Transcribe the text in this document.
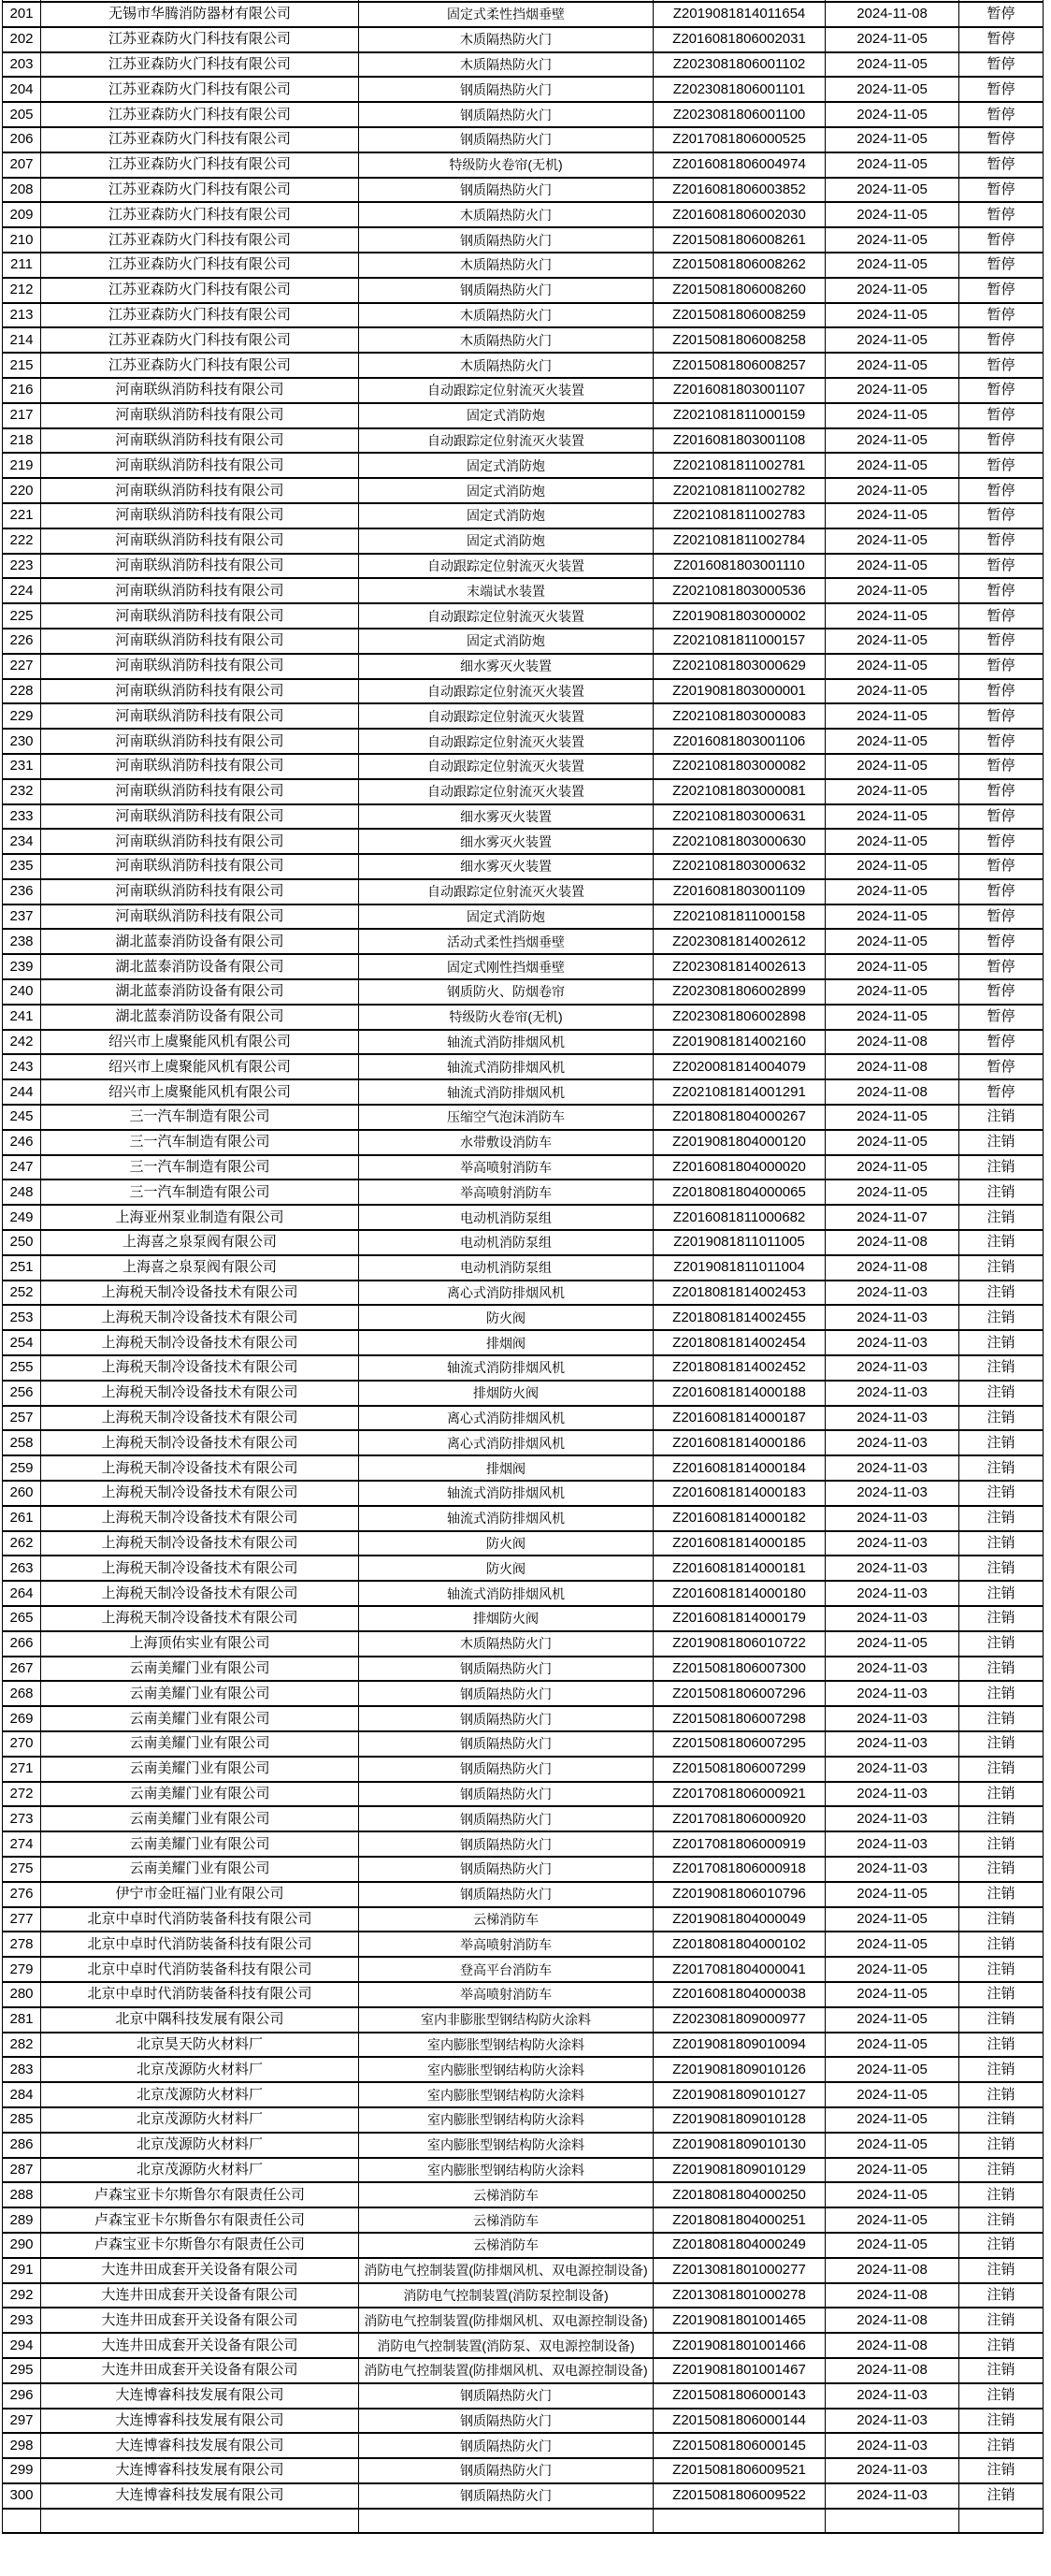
201	无锡市华腾消防器材有限公司	固定式柔性挡烟垂壁	Z2019081814011654	2024-11-08	暂停
202	江苏亚森防火门科技有限公司	木质隔热防火门	Z2016081806002031	2024-11-05	暂停
203	江苏亚森防火门科技有限公司	木质隔热防火门	Z2023081806001102	2024-11-05	暂停
204	江苏亚森防火门科技有限公司	钢质隔热防火门	Z2023081806001101	2024-11-05	暂停
205	江苏亚森防火门科技有限公司	钢质隔热防火门	Z2023081806001100	2024-11-05	暂停
206	江苏亚森防火门科技有限公司	钢质隔热防火门	Z2017081806000525	2024-11-05	暂停
207	江苏亚森防火门科技有限公司	特级防火卷帘(无机)	Z2016081806004974	2024-11-05	暂停
208	江苏亚森防火门科技有限公司	钢质隔热防火门	Z2016081806003852	2024-11-05	暂停
209	江苏亚森防火门科技有限公司	木质隔热防火门	Z2016081806002030	2024-11-05	暂停
210	江苏亚森防火门科技有限公司	钢质隔热防火门	Z2015081806008261	2024-11-05	暂停
211	江苏亚森防火门科技有限公司	木质隔热防火门	Z2015081806008262	2024-11-05	暂停
212	江苏亚森防火门科技有限公司	钢质隔热防火门	Z2015081806008260	2024-11-05	暂停
213	江苏亚森防火门科技有限公司	木质隔热防火门	Z2015081806008259	2024-11-05	暂停
214	江苏亚森防火门科技有限公司	木质隔热防火门	Z2015081806008258	2024-11-05	暂停
215	江苏亚森防火门科技有限公司	木质隔热防火门	Z2015081806008257	2024-11-05	暂停
216	河南联纵消防科技有限公司	自动跟踪定位射流灭火装置	Z2016081803001107	2024-11-05	暂停
217	河南联纵消防科技有限公司	固定式消防炮	Z2021081811000159	2024-11-05	暂停
218	河南联纵消防科技有限公司	自动跟踪定位射流灭火装置	Z2016081803001108	2024-11-05	暂停
219	河南联纵消防科技有限公司	固定式消防炮	Z2021081811002781	2024-11-05	暂停
220	河南联纵消防科技有限公司	固定式消防炮	Z2021081811002782	2024-11-05	暂停
221	河南联纵消防科技有限公司	固定式消防炮	Z2021081811002783	2024-11-05	暂停
222	河南联纵消防科技有限公司	固定式消防炮	Z2021081811002784	2024-11-05	暂停
223	河南联纵消防科技有限公司	自动跟踪定位射流灭火装置	Z2016081803001110	2024-11-05	暂停
224	河南联纵消防科技有限公司	末端试水装置	Z2021081803000536	2024-11-05	暂停
225	河南联纵消防科技有限公司	自动跟踪定位射流灭火装置	Z2019081803000002	2024-11-05	暂停
226	河南联纵消防科技有限公司	固定式消防炮	Z2021081811000157	2024-11-05	暂停
227	河南联纵消防科技有限公司	细水雾灭火装置	Z2021081803000629	2024-11-05	暂停
228	河南联纵消防科技有限公司	自动跟踪定位射流灭火装置	Z2019081803000001	2024-11-05	暂停
229	河南联纵消防科技有限公司	自动跟踪定位射流灭火装置	Z2021081803000083	2024-11-05	暂停
230	河南联纵消防科技有限公司	自动跟踪定位射流灭火装置	Z2016081803001106	2024-11-05	暂停
231	河南联纵消防科技有限公司	自动跟踪定位射流灭火装置	Z2021081803000082	2024-11-05	暂停
232	河南联纵消防科技有限公司	自动跟踪定位射流灭火装置	Z2021081803000081	2024-11-05	暂停
233	河南联纵消防科技有限公司	细水雾灭火装置	Z2021081803000631	2024-11-05	暂停
234	河南联纵消防科技有限公司	细水雾灭火装置	Z2021081803000630	2024-11-05	暂停
235	河南联纵消防科技有限公司	细水雾灭火装置	Z2021081803000632	2024-11-05	暂停
236	河南联纵消防科技有限公司	自动跟踪定位射流灭火装置	Z2016081803001109	2024-11-05	暂停
237	河南联纵消防科技有限公司	固定式消防炮	Z2021081811000158	2024-11-05	暂停
238	湖北蓝泰消防设备有限公司	活动式柔性挡烟垂壁	Z2023081814002612	2024-11-05	暂停
239	湖北蓝泰消防设备有限公司	固定式刚性挡烟垂壁	Z2023081814002613	2024-11-05	暂停
240	湖北蓝泰消防设备有限公司	钢质防火、防烟卷帘	Z2023081806002899	2024-11-05	暂停
241	湖北蓝泰消防设备有限公司	特级防火卷帘(无机)	Z2023081806002898	2024-11-05	暂停
242	绍兴市上虞聚能风机有限公司	轴流式消防排烟风机	Z2019081814002160	2024-11-08	暂停
243	绍兴市上虞聚能风机有限公司	轴流式消防排烟风机	Z2020081814004079	2024-11-08	暂停
244	绍兴市上虞聚能风机有限公司	轴流式消防排烟风机	Z2021081814001291	2024-11-08	暂停
245	三一汽车制造有限公司	压缩空气泡沫消防车	Z2018081804000267	2024-11-05	注销
246	三一汽车制造有限公司	水带敷设消防车	Z2019081804000120	2024-11-05	注销
247	三一汽车制造有限公司	举高喷射消防车	Z2016081804000020	2024-11-05	注销
248	三一汽车制造有限公司	举高喷射消防车	Z2018081804000065	2024-11-05	注销
249	上海亚州泵业制造有限公司	电动机消防泵组	Z2016081811000682	2024-11-07	注销
250	上海喜之泉泵阀有限公司	电动机消防泵组	Z2019081811011005	2024-11-08	注销
251	上海喜之泉泵阀有限公司	电动机消防泵组	Z2019081811011004	2024-11-08	注销
252	上海税天制冷设备技术有限公司	离心式消防排烟风机	Z2018081814002453	2024-11-03	注销
253	上海税天制冷设备技术有限公司	防火阀	Z2018081814002455	2024-11-03	注销
254	上海税天制冷设备技术有限公司	排烟阀	Z2018081814002454	2024-11-03	注销
255	上海税天制冷设备技术有限公司	轴流式消防排烟风机	Z2018081814002452	2024-11-03	注销
256	上海税天制冷设备技术有限公司	排烟防火阀	Z2016081814000188	2024-11-03	注销
257	上海税天制冷设备技术有限公司	离心式消防排烟风机	Z2016081814000187	2024-11-03	注销
258	上海税天制冷设备技术有限公司	离心式消防排烟风机	Z2016081814000186	2024-11-03	注销
259	上海税天制冷设备技术有限公司	排烟阀	Z2016081814000184	2024-11-03	注销
260	上海税天制冷设备技术有限公司	轴流式消防排烟风机	Z2016081814000183	2024-11-03	注销
261	上海税天制冷设备技术有限公司	轴流式消防排烟风机	Z2016081814000182	2024-11-03	注销
262	上海税天制冷设备技术有限公司	防火阀	Z2016081814000185	2024-11-03	注销
263	上海税天制冷设备技术有限公司	防火阀	Z2016081814000181	2024-11-03	注销
264	上海税天制冷设备技术有限公司	轴流式消防排烟风机	Z2016081814000180	2024-11-03	注销
265	上海税天制冷设备技术有限公司	排烟防火阀	Z2016081814000179	2024-11-03	注销
266	上海顶佑实业有限公司	木质隔热防火门	Z2019081806010722	2024-11-05	注销
267	云南美耀门业有限公司	钢质隔热防火门	Z2015081806007300	2024-11-03	注销
268	云南美耀门业有限公司	钢质隔热防火门	Z2015081806007296	2024-11-03	注销
269	云南美耀门业有限公司	钢质隔热防火门	Z2015081806007298	2024-11-03	注销
270	云南美耀门业有限公司	钢质隔热防火门	Z2015081806007295	2024-11-03	注销
271	云南美耀门业有限公司	钢质隔热防火门	Z2015081806007299	2024-11-03	注销
272	云南美耀门业有限公司	钢质隔热防火门	Z2017081806000921	2024-11-03	注销
273	云南美耀门业有限公司	钢质隔热防火门	Z2017081806000920	2024-11-03	注销
274	云南美耀门业有限公司	钢质隔热防火门	Z2017081806000919	2024-11-03	注销
275	云南美耀门业有限公司	钢质隔热防火门	Z2017081806000918	2024-11-03	注销
276	伊宁市金旺福门业有限公司	钢质隔热防火门	Z2019081806010796	2024-11-05	注销
277	北京中卓时代消防装备科技有限公司	云梯消防车	Z2019081804000049	2024-11-05	注销
278	北京中卓时代消防装备科技有限公司	举高喷射消防车	Z2018081804000102	2024-11-05	注销
279	北京中卓时代消防装备科技有限公司	登高平台消防车	Z2017081804000041	2024-11-05	注销
280	北京中卓时代消防装备科技有限公司	举高喷射消防车	Z2016081804000038	2024-11-05	注销
281	北京中隅科技发展有限公司	室内非膨胀型钢结构防火涂料	Z2023081809000977	2024-11-05	注销
282	北京昊天防火材料厂	室内膨胀型钢结构防火涂料	Z2019081809010094	2024-11-05	注销
283	北京茂源防火材料厂	室内膨胀型钢结构防火涂料	Z2019081809010126	2024-11-05	注销
284	北京茂源防火材料厂	室内膨胀型钢结构防火涂料	Z2019081809010127	2024-11-05	注销
285	北京茂源防火材料厂	室内膨胀型钢结构防火涂料	Z2019081809010128	2024-11-05	注销
286	北京茂源防火材料厂	室内膨胀型钢结构防火涂料	Z2019081809010130	2024-11-05	注销
287	北京茂源防火材料厂	室内膨胀型钢结构防火涂料	Z2019081809010129	2024-11-05	注销
288	卢森宝亚卡尔斯鲁尔有限责任公司	云梯消防车	Z2018081804000250	2024-11-05	注销
289	卢森宝亚卡尔斯鲁尔有限责任公司	云梯消防车	Z2018081804000251	2024-11-05	注销
290	卢森宝亚卡尔斯鲁尔有限责任公司	云梯消防车	Z2018081804000249	2024-11-05	注销
291	大连井田成套开关设备有限公司	消防电气控制装置(防排烟风机、双电源控制设备)	Z2013081801000277	2024-11-08	注销
292	大连井田成套开关设备有限公司	消防电气控制装置(消防泵控制设备)	Z2013081801000278	2024-11-08	注销
293	大连井田成套开关设备有限公司	消防电气控制装置(防排烟风机、双电源控制设备)	Z2019081801001465	2024-11-08	注销
294	大连井田成套开关设备有限公司	消防电气控制装置(消防泵、双电源控制设备)	Z2019081801001466	2024-11-08	注销
295	大连井田成套开关设备有限公司	消防电气控制装置(防排烟风机、双电源控制设备)	Z2019081801001467	2024-11-08	注销
296	大连博睿科技发展有限公司	钢质隔热防火门	Z2015081806000143	2024-11-03	注销
297	大连博睿科技发展有限公司	钢质隔热防火门	Z2015081806000144	2024-11-03	注销
298	大连博睿科技发展有限公司	钢质隔热防火门	Z2015081806000145	2024-11-03	注销
299	大连博睿科技发展有限公司	钢质隔热防火门	Z2015081806009521	2024-11-03	注销
300	大连博睿科技发展有限公司	钢质隔热防火门	Z2015081806009522	2024-11-03	注销
